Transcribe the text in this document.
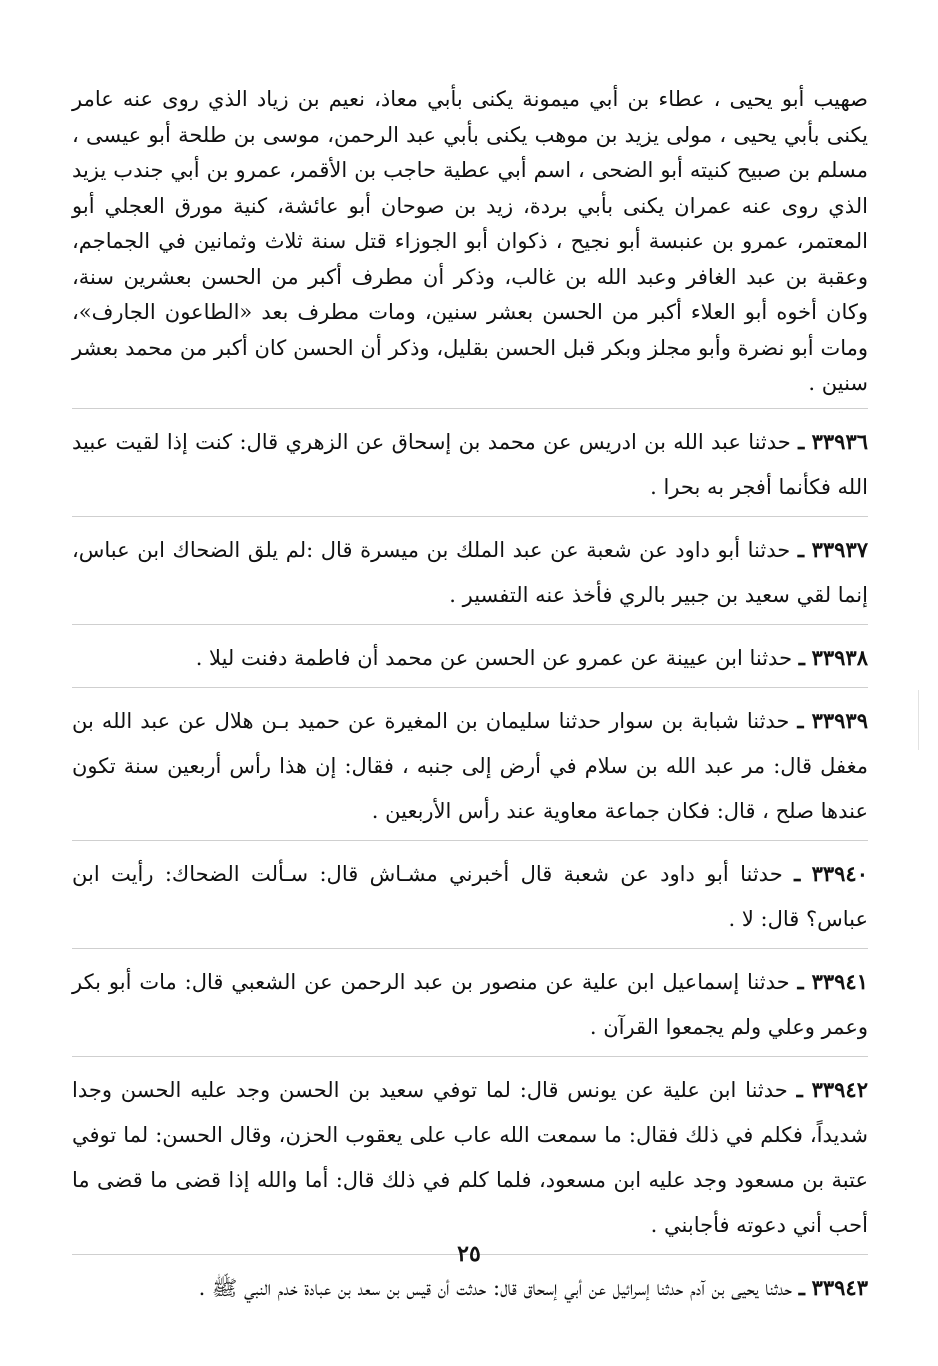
صهيب أبو يحيى ، عطاء بن أبي ميمونة يكنى بأبي معاذ، نعيم بن زياد الذي روى عنه عامر يكنى بأبي يحيى ، مولى يزيد بن موهب يكنى بأبي عبد الرحمن، موسى بن طلحة أبو عيسى ، مسلم بن صبيح كنيته أبو الضحى ، اسم أبي عطية حاجب بن الأقمر، عمرو بن أبي جندب يزيد الذي روى عنه عمران يكنى بأبي بردة، زيد بن صوحان أبو عائشة، كنية مورق العجلي أبو المعتمر، عمرو بن عنبسة أبو نجيح ، ذكوان أبو الجوزاء قتل سنة ثلاث وثمانين في الجماجم، وعقبة بن عبد الغافر وعبد الله بن غالب، وذكر أن مطرف أكبر من الحسن بعشرين سنة، وكان أخوه أبو العلاء أكبر من الحسن بعشر سنين، ومات مطرف بعد «الطاعون الجارف»، ومات أبو نضرة وأبو مجلز وبكر قبل الحسن بقليل، وذكر أن الحسن كان أكبر من محمد بعشر سنين .

٣٣٩٣٦ ـ حدثنا عبد الله بن ادريس عن محمد بن إسحاق عن الزهري قال: كنت إذا لقيت عبيد الله فكأنما أفجر به بحرا .

٣٣٩٣٧ ـ حدثنا أبو داود عن شعبة عن عبد الملك بن ميسرة قال :لم يلق الضحاك ابن عباس، إنما لقي سعيد بن جبير بالري فأخذ عنه التفسير .

٣٣٩٣٨ ـ حدثنا ابن عيينة عن عمرو عن الحسن عن محمد أن فاطمة دفنت ليلا .

٣٣٩٣٩ ـ حدثنا شبابة بن سوار حدثنا سليمان بن المغيرة عن حميد بـن هلال عن عبد الله بن مغفل قال: مر عبد الله بن سلام في أرض إلى جنبه ، فقال: إن هذا رأس أربعين سنة تكون عندها صلح ، قال: فكان جماعة معاوية عند رأس الأربعين .

٣٣٩٤٠ ـ حدثنا أبو داود عن شعبة قال أخبرني مشـاش قال: سـألت الضحاك: رأيت ابن عباس؟ قال: لا .

٣٣٩٤١ ـ حدثنا إسماعيل ابن علية عن منصور بن عبد الرحمن عن الشعبي قال: مات أبو بكر وعمر وعلي ولم يجمعوا القرآن .

٣٣٩٤٢ ـ حدثنا ابن علية عن يونس قال: لما توفي سعيد بن الحسن وجد عليه الحسن وجدا شديداً، فكلم في ذلك فقال: ما سمعت الله عاب على يعقوب الحزن، وقال الحسن: لما توفي عتبة بن مسعود وجد عليه ابن مسعود، فلما كلم في ذلك قال: أما والله إذا قضى ما قضى ما أحب أني دعوته فأجابني .

٣٣٩٤٣ ـ حدثنا يحيى بن آدم حدثنا إسرائيل عن أبي إسحاق قال: حدثت أن قيس بن سعد بن عبادة خدم النبي ﷺ .

٢٥
